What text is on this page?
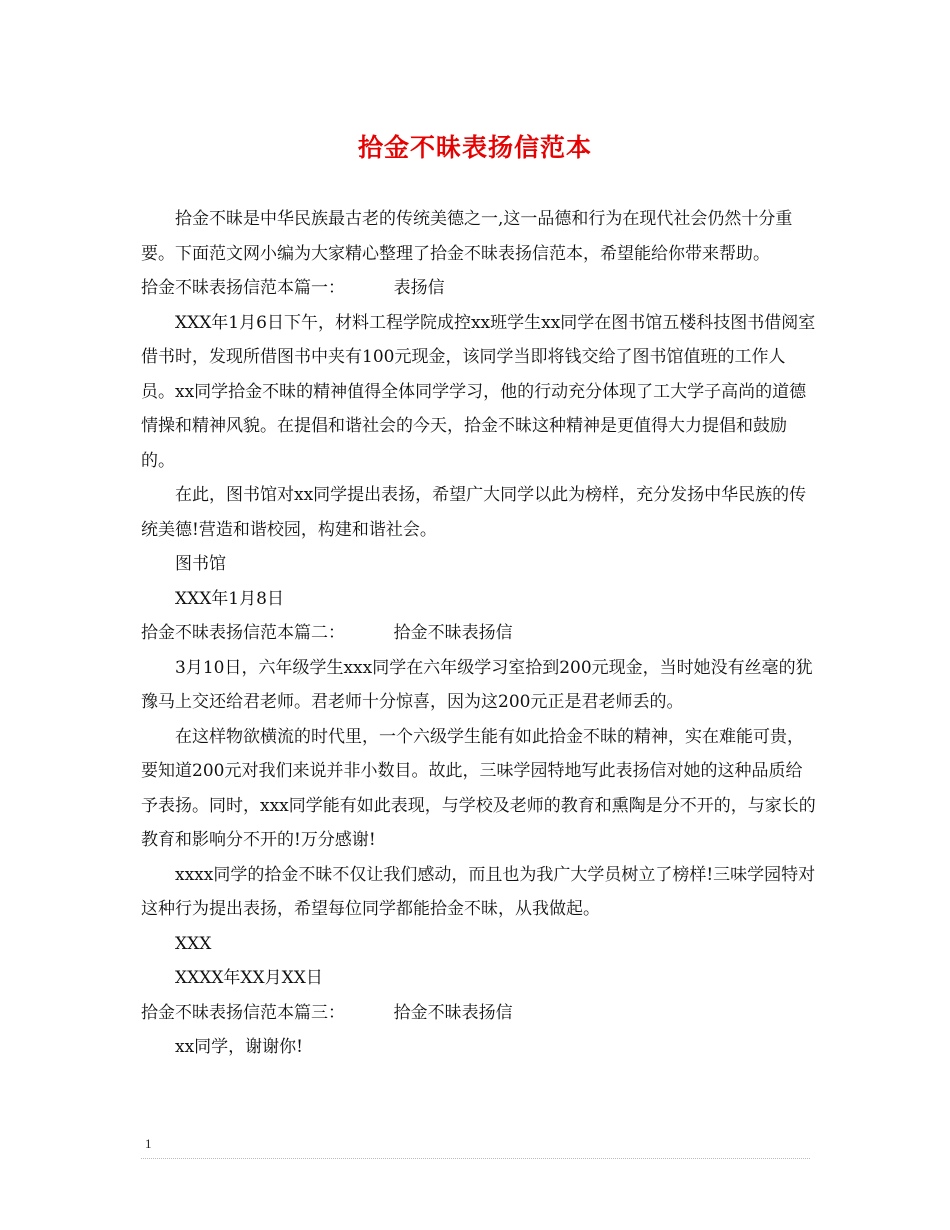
拾金不昧表扬信范本

拾金不昧是中华民族最古老的传统美德之一,这一品德和行为在现代社会仍然十分重要。下面范文网小编为大家精心整理了拾金不昧表扬信范本，希望能给你带来帮助。

拾金不昧表扬信范本篇一：	表扬信

XXX年1月6日下午，材料工程学院成控xx班学生xx同学在图书馆五楼科技图书借阅室借书时，发现所借图书中夹有100元现金，该同学当即将钱交给了图书馆值班的工作人员。xx同学拾金不昧的精神值得全体同学学习，他的行动充分体现了工大学子高尚的道德情操和精神风貌。在提倡和谐社会的今天，拾金不昧这种精神是更值得大力提倡和鼓励的。

在此，图书馆对xx同学提出表扬，希望广大同学以此为榜样，充分发扬中华民族的传统美德!营造和谐校园，构建和谐社会。

图书馆

XXX年1月8日

拾金不昧表扬信范本篇二：	拾金不昧表扬信

3月10日，六年级学生xxx同学在六年级学习室拾到200元现金，当时她没有丝毫的犹豫马上交还给君老师。君老师十分惊喜，因为这200元正是君老师丢的。

在这样物欲横流的时代里，一个六级学生能有如此拾金不昧的精神，实在难能可贵，要知道200元对我们来说并非小数目。故此，三味学园特地写此表扬信对她的这种品质给予表扬。同时，xxx同学能有如此表现，与学校及老师的教育和熏陶是分不开的，与家长的教育和影响分不开的!万分感谢!

xxxx同学的拾金不昧不仅让我们感动，而且也为我广大学员树立了榜样!三味学园特对这种行为提出表扬，希望每位同学都能拾金不昧，从我做起。

XXX

XXXX年XX月XX日

拾金不昧表扬信范本篇三：	拾金不昧表扬信

xx同学，谢谢你!

1
